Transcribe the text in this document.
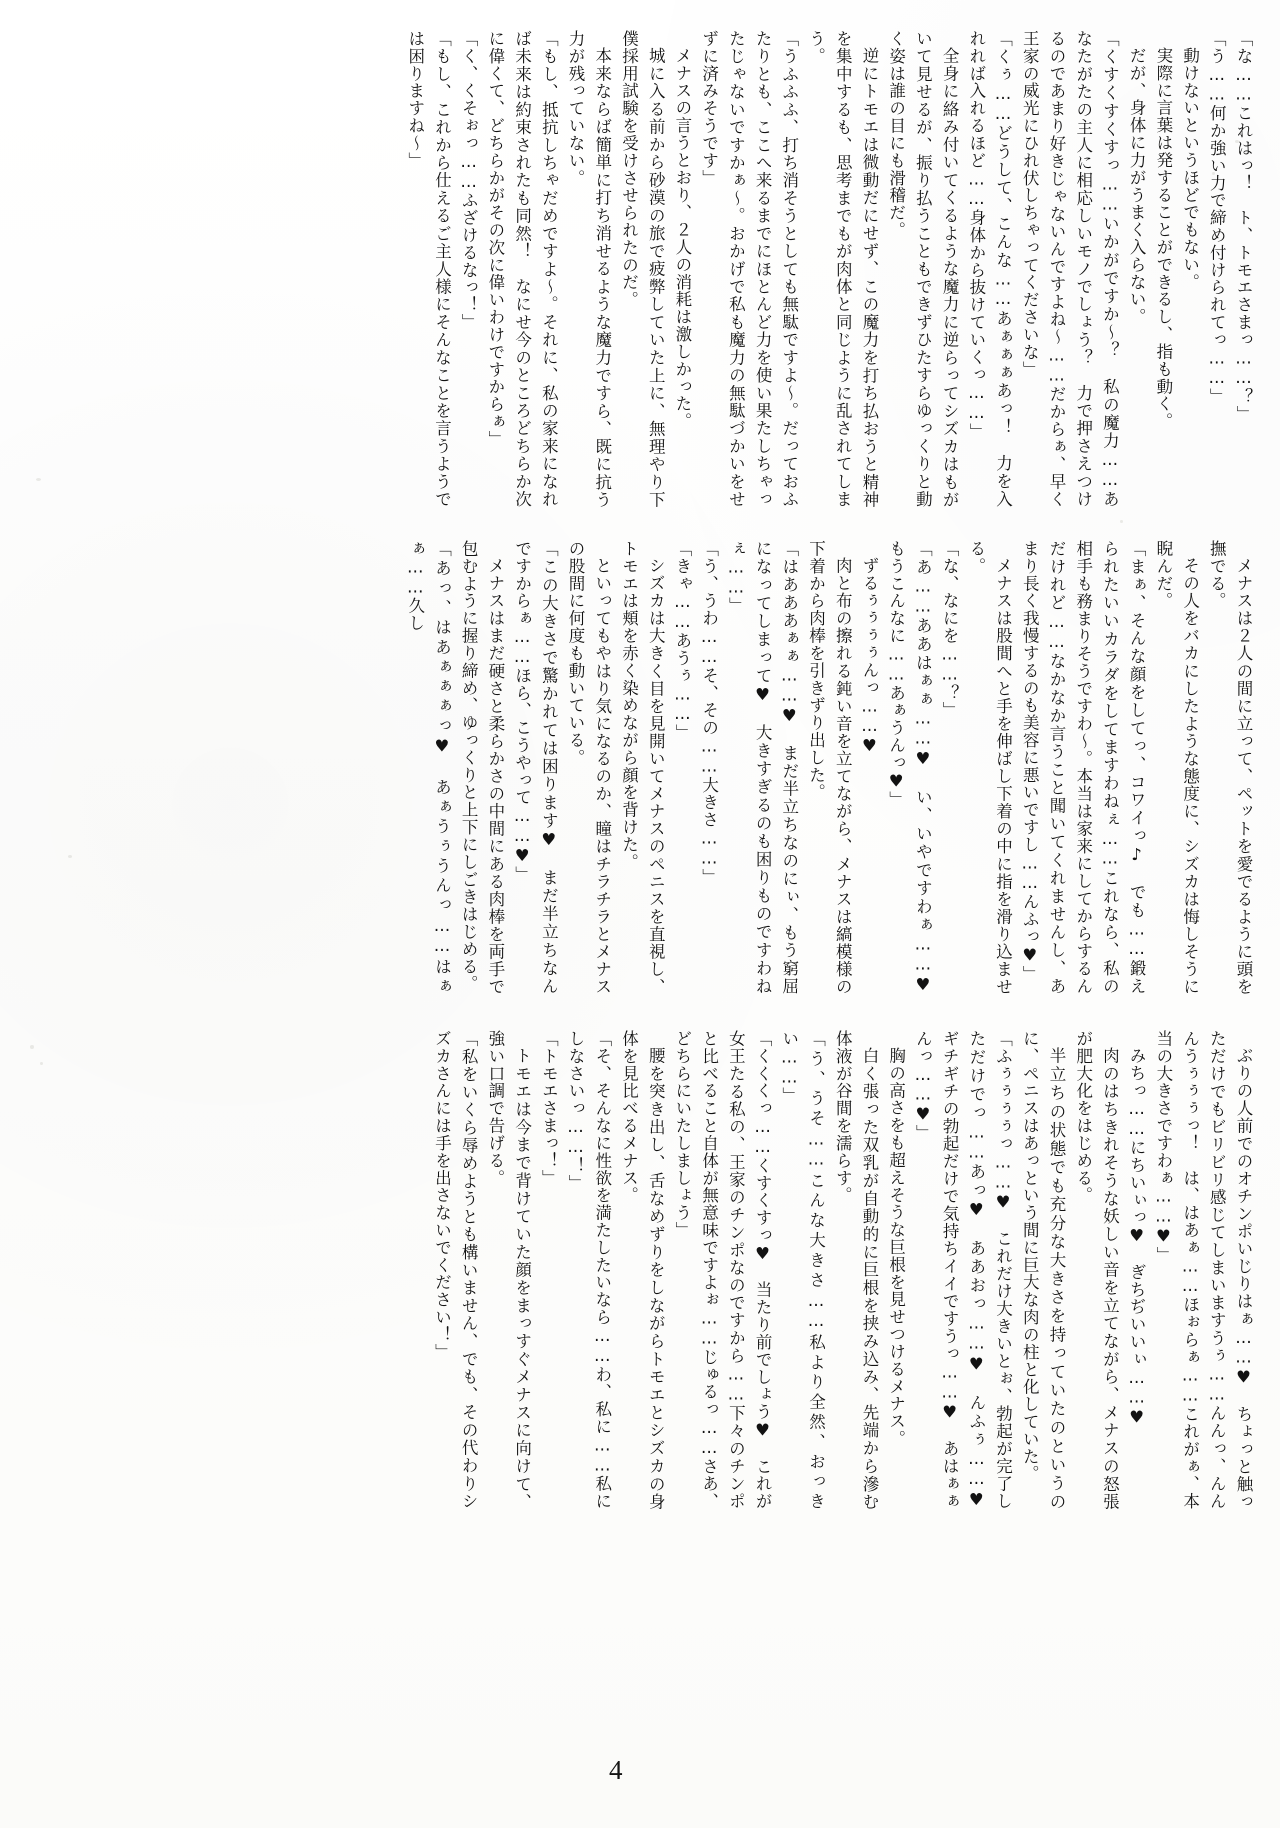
「な……これはっ！　ト、トモエさまっ……？」

「う……何か強い力で締め付けられてっ……」

動けないというほどでもない。

実際に言葉は発することができるし、指も動く。

だが、身体に力がうまく入らない。

「くすくすくすっ……いかがですか～？　私の魔力……あなたがたの主人に相応しいモノでしょう？　力で押さえつけるのであまり好きじゃないんですよね～……だからぁ、早く王家の威光にひれ伏しちゃってくださいな」

「くぅ……どうして、こんな……あぁぁぁあっ！　力を入れれば入れるほど……身体から抜けていくっ……」

全身に絡み付いてくるような魔力に逆らってシズカはもがいて見せるが、振り払うこともできずひたすらゆっくりと動く姿は誰の目にも滑稽だ。

逆にトモエは微動だにせず、この魔力を打ち払おうと精神を集中するも、思考までもが肉体と同じように乱されてしまう。

「うふふふ、打ち消そうとしても無駄ですよ～。だっておふたりとも、ここへ来るまでにほとんど力を使い果たしちゃったじゃないですかぁ～。おかげで私も魔力の無駄づかいをせずに済みそうです」

メナスの言うとおり、２人の消耗は激しかった。

城に入る前から砂漠の旅で疲弊していた上に、無理やり下僕採用試験を受けさせられたのだ。

本来ならば簡単に打ち消せるような魔力ですら、既に抗う力が残っていない。

「もし、抵抗しちゃだめですよ～。それに、私の家来になれば未来は約束されたも同然！　なにせ今のところどちらか次に偉くて、どちらかがその次に偉いわけですからぁ」

「く、くそぉっ……ふざけるなっ！」

「もし、これから仕えるご主人様にそんなことを言うようでは困りますね～」

メナスは２人の間に立って、ペットを愛でるように頭を撫でる。

その人をバカにしたような態度に、シズカは悔しそうに睨んだ。

「まぁ、そんな顔をしてっ、コワイっ♪　でも……鍛えられたいいカラダをしてますわねぇ……これなら、私の相手も務まりそうですわ～。本当は家来にしてからするんだけれど……なかなか言うこと聞いてくれませんし、あまり長く我慢するのも美容に悪いですし……んふっ♥」

メナスは股間へと手を伸ばし下着の中に指を滑り込ませる。

「な、なにを……？」

「あ……ああはぁぁ……♥　い、いやですわぁ……♥　もうこんなに……あぁうんっ♥」

ずるぅぅぅぅんっ……♥

肉と布の擦れる鈍い音を立てながら、メナスは縞模様の下着から肉棒を引きずり出した。

「はあああぁぁ……♥　まだ半立ちなのにぃ、もう窮屈になってしまって♥　大きすぎるのも困りものですわねぇ……」

「う、うわ……そ、その……大きさ……」

「きゃ……あうぅ……」

シズカは大きく目を見開いてメナスのペニスを直視し、トモエは頬を赤く染めながら顔を背けた。

といってもやはり気になるのか、瞳はチラチラとメナスの股間に何度も動いている。

「この大きさで驚かれては困ります♥　まだ半立ちなんですからぁ……ほら、こうやって……♥」

メナスはまだ硬さと柔らかさの中間にある肉棒を両手で包むように握り締め、ゆっくりと上下にしごきはじめる。

「あっ、はあぁぁぁっ♥　あぁうぅうんっ……はぁぁ……久し

ぶりの人前でのオチンポいじりはぁ……♥　ちょっと触っただけでもビリビリ感じてしまいますうぅ……んんっ、んんんうぅぅぅっ！　は、はあぁ……ほぉらぁ……これがぁ、本当の大きさですわぁ……♥」

みちっ……にちいぃっ♥　ぎちぢいいぃ……♥

肉のはちきれそうな妖しい音を立てながら、メナスの怒張が肥大化をはじめる。

半立ちの状態でも充分な大きさを持っていたのというのに、ペニスはあっという間に巨大な肉の柱と化していた。

「ふぅぅぅぅっ……♥　これだけ大きいとぉ、勃起が完了しただけでっ……あっ♥　ああおっ……♥　んふぅ……♥　ギチギチの勃起だけで気持ちイイですうっ……♥　あはぁぁんっ……♥」

胸の高さをも超えそうな巨根を見せつけるメナス。

白く張った双乳が自動的に巨根を挟み込み、先端から滲む体液が谷間を濡らす。

「う、うそ……こんな大きさ……私より全然、おっきい……」

「くくくっ……くすくすっ♥　当たり前でしょう♥　これが女王たる私の、王家のチンポなのですから……下々のチンポと比べること自体が無意味ですよぉ……じゅるっ……さあ、どちらにいたしましょう」

腰を突き出し、舌なめずりをしながらトモエとシズカの身体を見比べるメナス。

「そ、そんなに性欲を満たしたいなら……わ、私に……私にしなさいっ……！」

「トモエさまっ！」

トモエは今まで背けていた顔をまっすぐメナスに向けて、強い口調で告げる。

「私をいくら辱めようとも構いません、でも、その代わりシズカさんには手を出さないでください！」

4
